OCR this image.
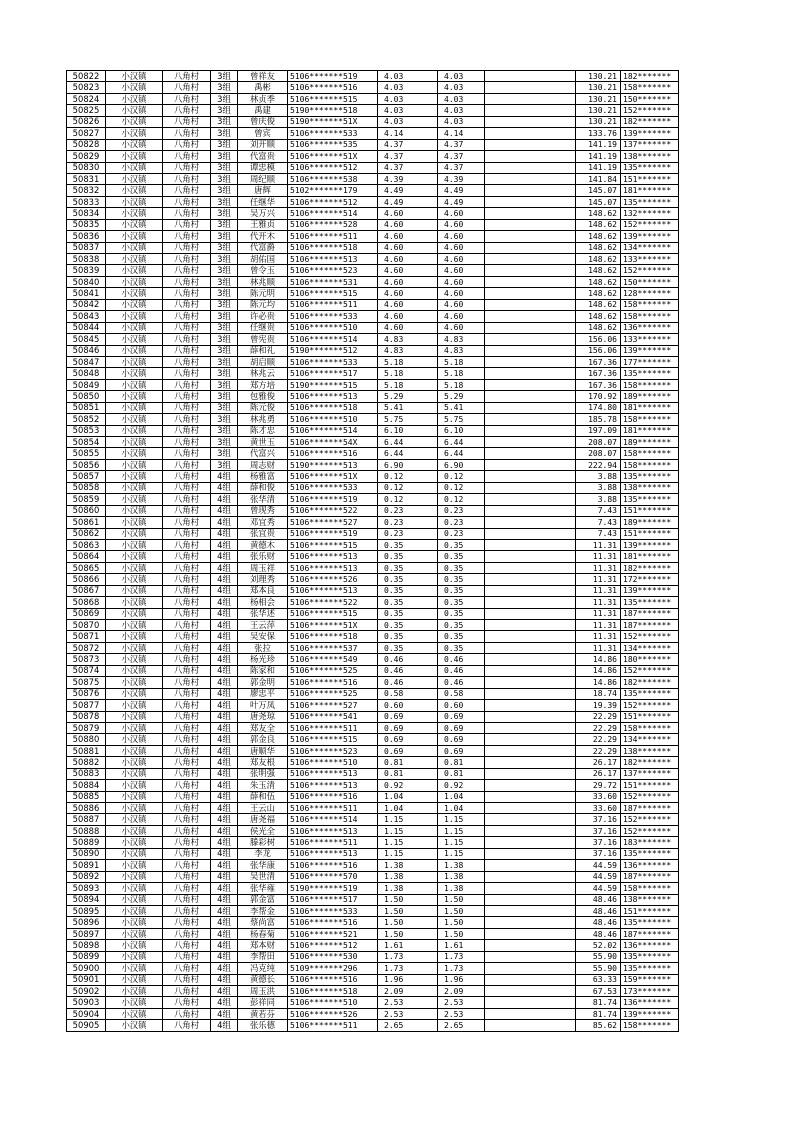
50822	小汉镇	八角村	3组	曾祥友	5106*******519	4.03	4.03		130.21	182*******
50823	小汉镇	八角村	3组	禹彬	5106*******516	4.03	4.03		130.21	158*******
50824	小汉镇	八角村	3组	林贞季	5106*******515	4.03	4.03		130.21	150*******
50825	小汉镇	八角村	3组	禹建	5190*******518	4.03	4.03		130.21	152*******
50826	小汉镇	八角村	3组	曾庆俊	5190*******51X	4.03	4.03		130.21	182*******
50827	小汉镇	八角村	3组	曾宾	5106*******533	4.14	4.14		133.76	139*******
50828	小汉镇	八角村	3组	刘开顺	5106*******535	4.37	4.37		141.19	137*******
50829	小汉镇	八角村	3组	代富贵	5106*******51X	4.37	4.37		141.19	138*******
50830	小汉镇	八角村	3组	谭忠模	5106*******512	4.37	4.37		141.19	135*******
50831	小汉镇	八角村	3组	周纪顺	5106*******538	4.39	4.39		141.84	151*******
50832	小汉镇	八角村	3组	唐辉	5102*******179	4.49	4.49		145.07	181*******
50833	小汉镇	八角村	3组	任继华	5106*******512	4.49	4.49		145.07	135*******
50834	小汉镇	八角村	3组	吴万兴	5106*******514	4.60	4.60		148.62	132*******
50835	小汉镇	八角村	3组	王雅贞	5106*******528	4.60	4.60		148.62	152*******
50836	小汉镇	八角村	3组	代开木	5106*******511	4.60	4.60		148.62	139*******
50837	小汉镇	八角村	3组	代富爵	5106*******518	4.60	4.60		148.62	134*******
50838	小汉镇	八角村	3组	胡佑国	5106*******513	4.60	4.60		148.62	133*******
50839	小汉镇	八角村	3组	曾令玉	5106*******523	4.60	4.60		148.62	152*******
50840	小汉镇	八角村	3组	林兆顺	5106*******531	4.60	4.60		148.62	150*******
50841	小汉镇	八角村	3组	陈元明	5106*******515	4.60	4.60		148.62	128*******
50842	小汉镇	八角村	3组	陈元均	5106*******511	4.60	4.60		148.62	158*******
50843	小汉镇	八角村	3组	许必贵	5106*******533	4.60	4.60		148.62	158*******
50844	小汉镇	八角村	3组	任继贵	5106*******510	4.60	4.60		148.62	136*******
50845	小汉镇	八角村	3组	曾宪贵	5106*******514	4.83	4.83		156.06	133*******
50846	小汉镇	八角村	3组	薛和礼	5190*******512	4.83	4.83		156.06	139*******
50847	小汉镇	八角村	3组	胡启顺	5106*******533	5.18	5.18		167.36	177*******
50848	小汉镇	八角村	3组	林兆云	5106*******517	5.18	5.18		167.36	135*******
50849	小汉镇	八角村	3组	郑方培	5190*******515	5.18	5.18		167.36	158*******
50850	小汉镇	八角村	3组	包雅俊	5106*******513	5.29	5.29		170.92	189*******
50851	小汉镇	八角村	3组	陈元俊	5106*******518	5.41	5.41		174.80	181*******
50852	小汉镇	八角村	3组	林兆勇	5106*******510	5.75	5.75		185.78	158*******
50853	小汉镇	八角村	3组	陈才忠	5106*******514	6.10	6.10		197.09	181*******
50854	小汉镇	八角村	3组	黄世玉	5106*******54X	6.44	6.44		208.07	189*******
50855	小汉镇	八角村	3组	代富兴	5106*******516	6.44	6.44		208.07	158*******
50856	小汉镇	八角村	3组	周志财	5190*******513	6.90	6.90		222.94	158*******
50857	小汉镇	八角村	4组	杨雅富	5106*******51X	0.12	0.12		3.88	135*******
50858	小汉镇	八角村	4组	薛和俊	5106*******533	0.12	0.12		3.88	138*******
50859	小汉镇	八角村	4组	张华清	5106*******519	0.12	0.12		3.88	135*******
50860	小汉镇	八角村	4组	曾现秀	5106*******522	0.23	0.23		7.43	151*******
50861	小汉镇	八角村	4组	邓宜秀	5106*******527	0.23	0.23		7.43	189*******
50862	小汉镇	八角村	4组	张宜贵	5106*******519	0.23	0.23		7.43	151*******
50863	小汉镇	八角村	4组	黄德木	5106*******515	0.35	0.35		11.31	139*******
50864	小汉镇	八角村	4组	张乐财	5106*******513	0.35	0.35		11.31	181*******
50865	小汉镇	八角村	4组	周玉祥	5106*******513	0.35	0.35		11.31	182*******
50866	小汉镇	八角村	4组	刘理秀	5106*******526	0.35	0.35		11.31	172*******
50867	小汉镇	八角村	4组	郑本良	5106*******513	0.35	0.35		11.31	139*******
50868	小汉镇	八角村	4组	杨相会	5106*******522	0.35	0.35		11.31	135*******
50869	小汉镇	八角村	4组	张华述	5106*******515	0.35	0.35		11.31	187*******
50870	小汉镇	八角村	4组	王云萍	5106*******51X	0.35	0.35		11.31	187*******
50871	小汉镇	八角村	4组	吴安保	5106*******518	0.35	0.35		11.31	152*******
50872	小汉镇	八角村	4组	张拉	5106*******537	0.35	0.35		11.31	134*******
50873	小汉镇	八角村	4组	杨光珍	5106*******549	0.46	0.46		14.86	180*******
50874	小汉镇	八角村	4组	陈家和	5106*******525	0.46	0.46		14.86	152*******
50875	小汉镇	八角村	4组	郭金明	5106*******516	0.46	0.46		14.86	182*******
50876	小汉镇	八角村	4组	廖忠平	5106*******525	0.58	0.58		18.74	135*******
50877	小汉镇	八角村	4组	叶万凤	5106*******527	0.60	0.60		19.39	152*******
50878	小汉镇	八角村	4组	唐尧琼	5106*******541	0.69	0.69		22.29	151*******
50879	小汉镇	八角村	4组	郑友全	5106*******511	0.69	0.69		22.29	158*******
50880	小汉镇	八角村	4组	郭金良	5106*******515	0.69	0.69		22.29	134*******
50881	小汉镇	八角村	4组	唐顺华	5106*******523	0.69	0.69		22.29	138*******
50882	小汉镇	八角村	4组	郑友根	5106*******510	0.81	0.81		26.17	182*******
50883	小汉镇	八角村	4组	张明强	5106*******513	0.81	0.81		26.17	137*******
50884	小汉镇	八角村	4组	朱玉清	5106*******513	0.92	0.92		29.72	151*******
50885	小汉镇	八角村	4组	薛和伍	5106*******516	1.04	1.04		33.60	152*******
50886	小汉镇	八角村	4组	王云山	5106*******511	1.04	1.04		33.60	187*******
50887	小汉镇	八角村	4组	唐尧福	5106*******514	1.15	1.15		37.16	152*******
50888	小汉镇	八角村	4组	侯光全	5106*******513	1.15	1.15		37.16	152*******
50889	小汉镇	八角村	4组	滕彩树	5106*******511	1.15	1.15		37.16	183*******
50890	小汉镇	八角村	4组	李龙	5106*******513	1.15	1.15		37.16	135*******
50891	小汉镇	八角村	4组	张华康	5106*******516	1.38	1.38		44.59	136*******
50892	小汉镇	八角村	4组	吴世清	5106*******570	1.38	1.38		44.59	187*******
50893	小汉镇	八角村	4组	张华雍	5190*******519	1.38	1.38		44.59	158*******
50894	小汉镇	八角村	4组	郭金富	5106*******517	1.50	1.50		48.46	138*******
50895	小汉镇	八角村	4组	李帮金	5106*******533	1.50	1.50		48.46	151*******
50896	小汉镇	八角村	4组	蔡尚富	5106*******516	1.50	1.50		48.46	135*******
50897	小汉镇	八角村	4组	杨春菊	5106*******521	1.50	1.50		48.46	187*******
50898	小汉镇	八角村	4组	郑本财	5106*******512	1.61	1.61		52.02	136*******
50899	小汉镇	八角村	4组	李帮田	5106*******530	1.73	1.73		55.90	135*******
50900	小汉镇	八角村	4组	冯克纯	5109*******296	1.73	1.73		55.90	135*******
50901	小汉镇	八角村	4组	黄德长	5106*******516	1.96	1.96		63.33	159*******
50902	小汉镇	八角村	4组	周玉洪	5106*******518	2.09	2.09		67.53	173*******
50903	小汉镇	八角村	4组	彭祥同	5106*******510	2.53	2.53		81.74	136*******
50904	小汉镇	八角村	4组	黄若芬	5106*******526	2.53	2.53		81.74	139*******
50905	小汉镇	八角村	4组	张乐德	5106*******511	2.65	2.65		85.62	158*******
